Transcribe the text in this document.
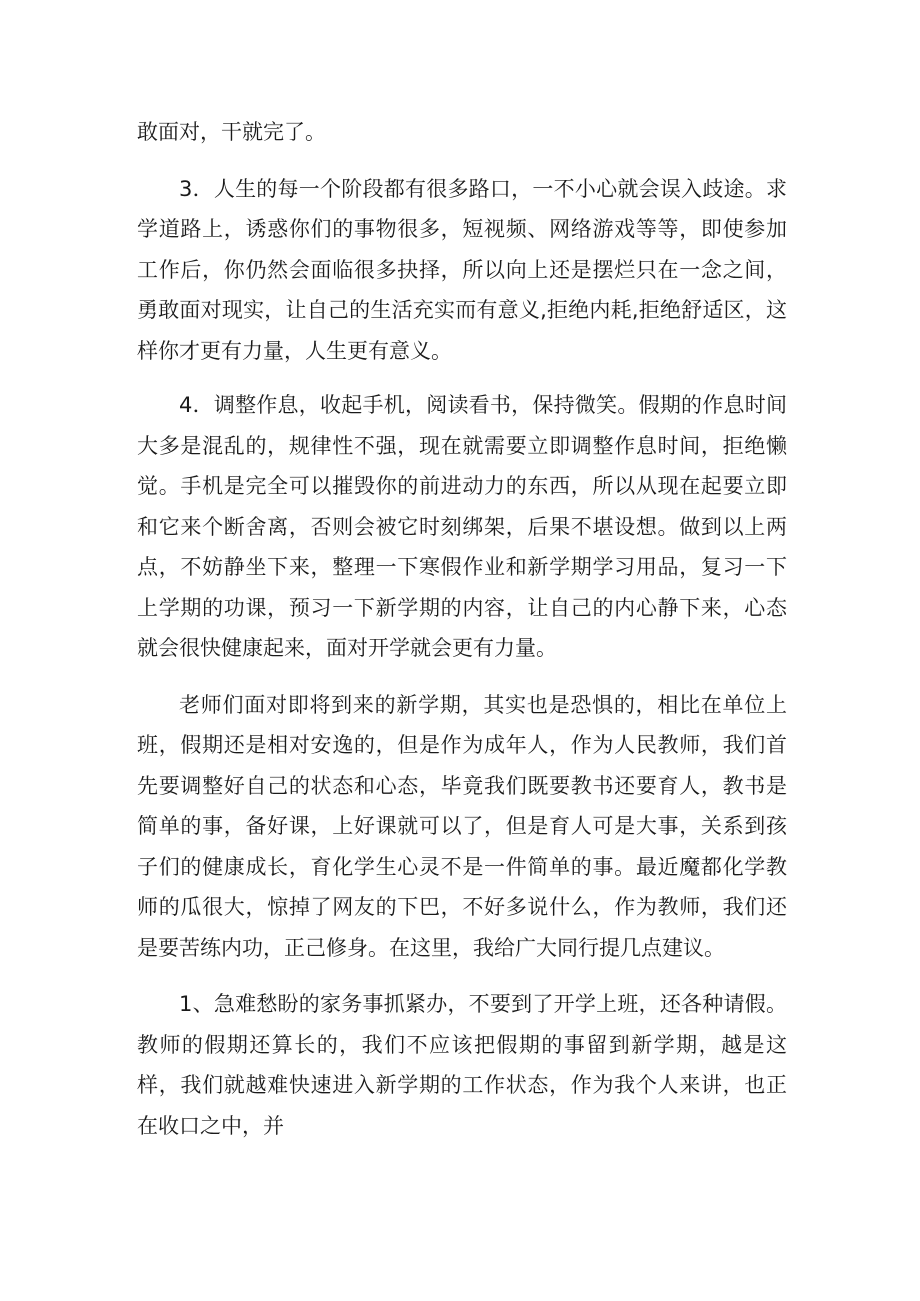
敢面对，干就完了。

3．人生的每一个阶段都有很多路口，一不小心就会误入歧途。求学道路上，诱惑你们的事物很多，短视频、网络游戏等等，即使参加工作后，你仍然会面临很多抉择，所以向上还是摆烂只在一念之间，勇敢面对现实，让自己的生活充实而有意义,拒绝内耗,拒绝舒适区，这样你才更有力量，人生更有意义。

4．调整作息，收起手机，阅读看书，保持微笑。假期的作息时间大多是混乱的，规律性不强，现在就需要立即调整作息时间，拒绝懒觉。手机是完全可以摧毁你的前进动力的东西，所以从现在起要立即和它来个断舍离，否则会被它时刻绑架，后果不堪设想。做到以上两点，不妨静坐下来，整理一下寒假作业和新学期学习用品，复习一下上学期的功课，预习一下新学期的内容，让自己的内心静下来，心态就会很快健康起来，面对开学就会更有力量。

老师们面对即将到来的新学期，其实也是恐惧的，相比在单位上班，假期还是相对安逸的，但是作为成年人，作为人民教师，我们首先要调整好自己的状态和心态，毕竟我们既要教书还要育人，教书是简单的事，备好课，上好课就可以了，但是育人可是大事，关系到孩子们的健康成长，育化学生心灵不是一件简单的事。最近魔都化学教师的瓜很大，惊掉了网友的下巴，不好多说什么，作为教师，我们还是要苦练内功，正己修身。在这里，我给广大同行提几点建议。

1、急难愁盼的家务事抓紧办，不要到了开学上班，还各种请假。教师的假期还算长的，我们不应该把假期的事留到新学期，越是这样，我们就越难快速进入新学期的工作状态，作为我个人来讲，也正在收口之中，并
